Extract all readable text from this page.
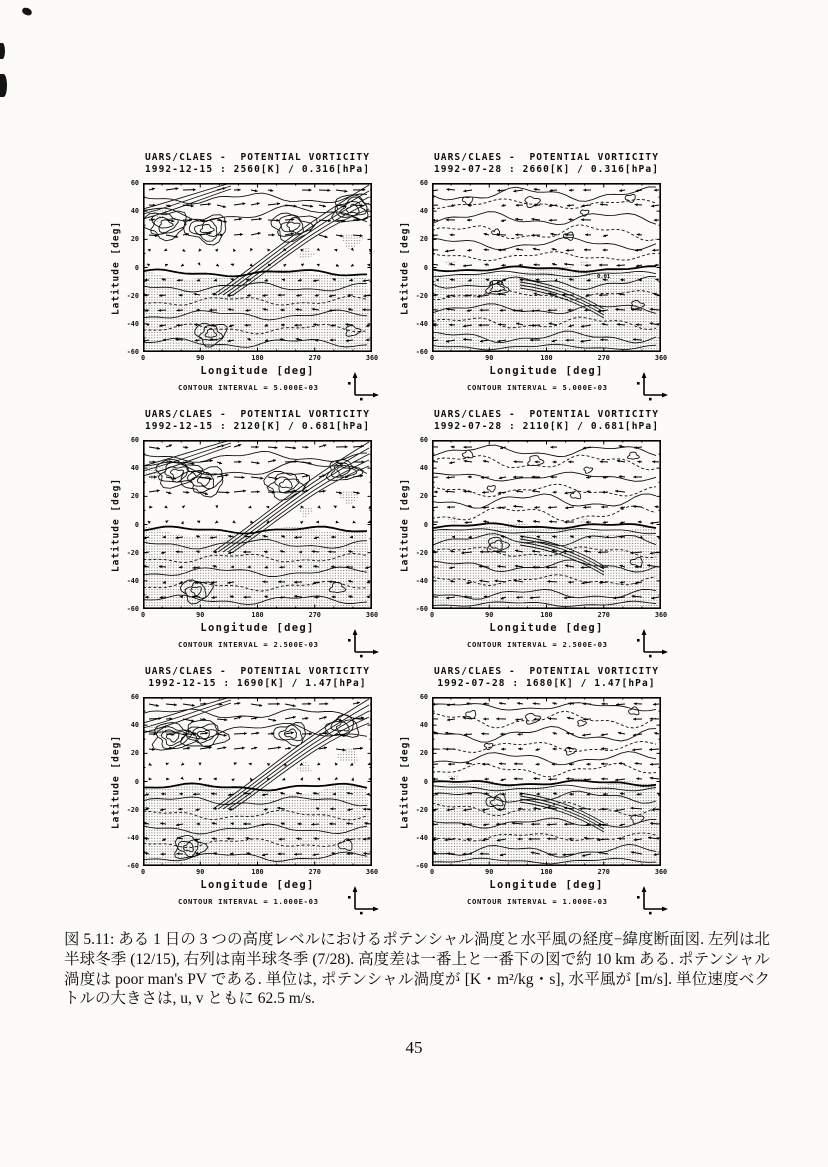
UARS/CLAES -  POTENTIAL VORTICITY
1992-12-15 : 2560[K] / 0.316[hPa]
Latitude [deg]
60
40
20
0
-20
-40
-60
0	90	180	270	360
Longitude [deg]
CONTOUR INTERVAL = 5.000E-03
UARS/CLAES -  POTENTIAL VORTICITY
1992-07-28 : 2660[K] / 0.316[hPa]
Latitude [deg]
60
40
20
0
-20
-40
-60
0.01
0.01
0	90	180	270	360
Longitude [deg]
CONTOUR INTERVAL = 5.000E-03
UARS/CLAES -  POTENTIAL VORTICITY
1992-12-15 : 2120[K] / 0.681[hPa]
Latitude [deg]
60
40
20
0
-20
-40
-60
0	90	180	270	360
Longitude [deg]
CONTOUR INTERVAL = 2.500E-03
UARS/CLAES -  POTENTIAL VORTICITY
1992-07-28 : 2110[K] / 0.681[hPa]
Latitude [deg]
60
40
20
0
-20
-40
-60
0	90	180	270	360
Longitude [deg]
CONTOUR INTERVAL = 2.500E-03
UARS/CLAES -  POTENTIAL VORTICITY
1992-12-15 : 1690[K] / 1.47[hPa]
Latitude [deg]
60
40
20
0
-20
-40
-60
0	90	180	270	360
Longitude [deg]
CONTOUR INTERVAL = 1.000E-03
UARS/CLAES -  POTENTIAL VORTICITY
1992-07-28 : 1680[K] / 1.47[hPa]
Latitude [deg]
60
40
20
0
-20
-40
-60
0	90	180	270	360
Longitude [deg]
CONTOUR INTERVAL = 1.000E-03

図 5.11: ある 1 日の 3 つの高度レベルにおけるポテンシャル渦度と水平風の経度−緯度断面図. 左列は北半球冬季 (12/15), 右列は南半球冬季 (7/28). 高度差は一番上と一番下の図で約 10 km ある. ポテンシャル渦度は poor man's PV である. 単位は, ポテンシャル渦度が [K・m²/kg・s], 水平風が [m/s]. 単位速度ベクトルの大きさは, u, v ともに 62.5 m/s.

45
